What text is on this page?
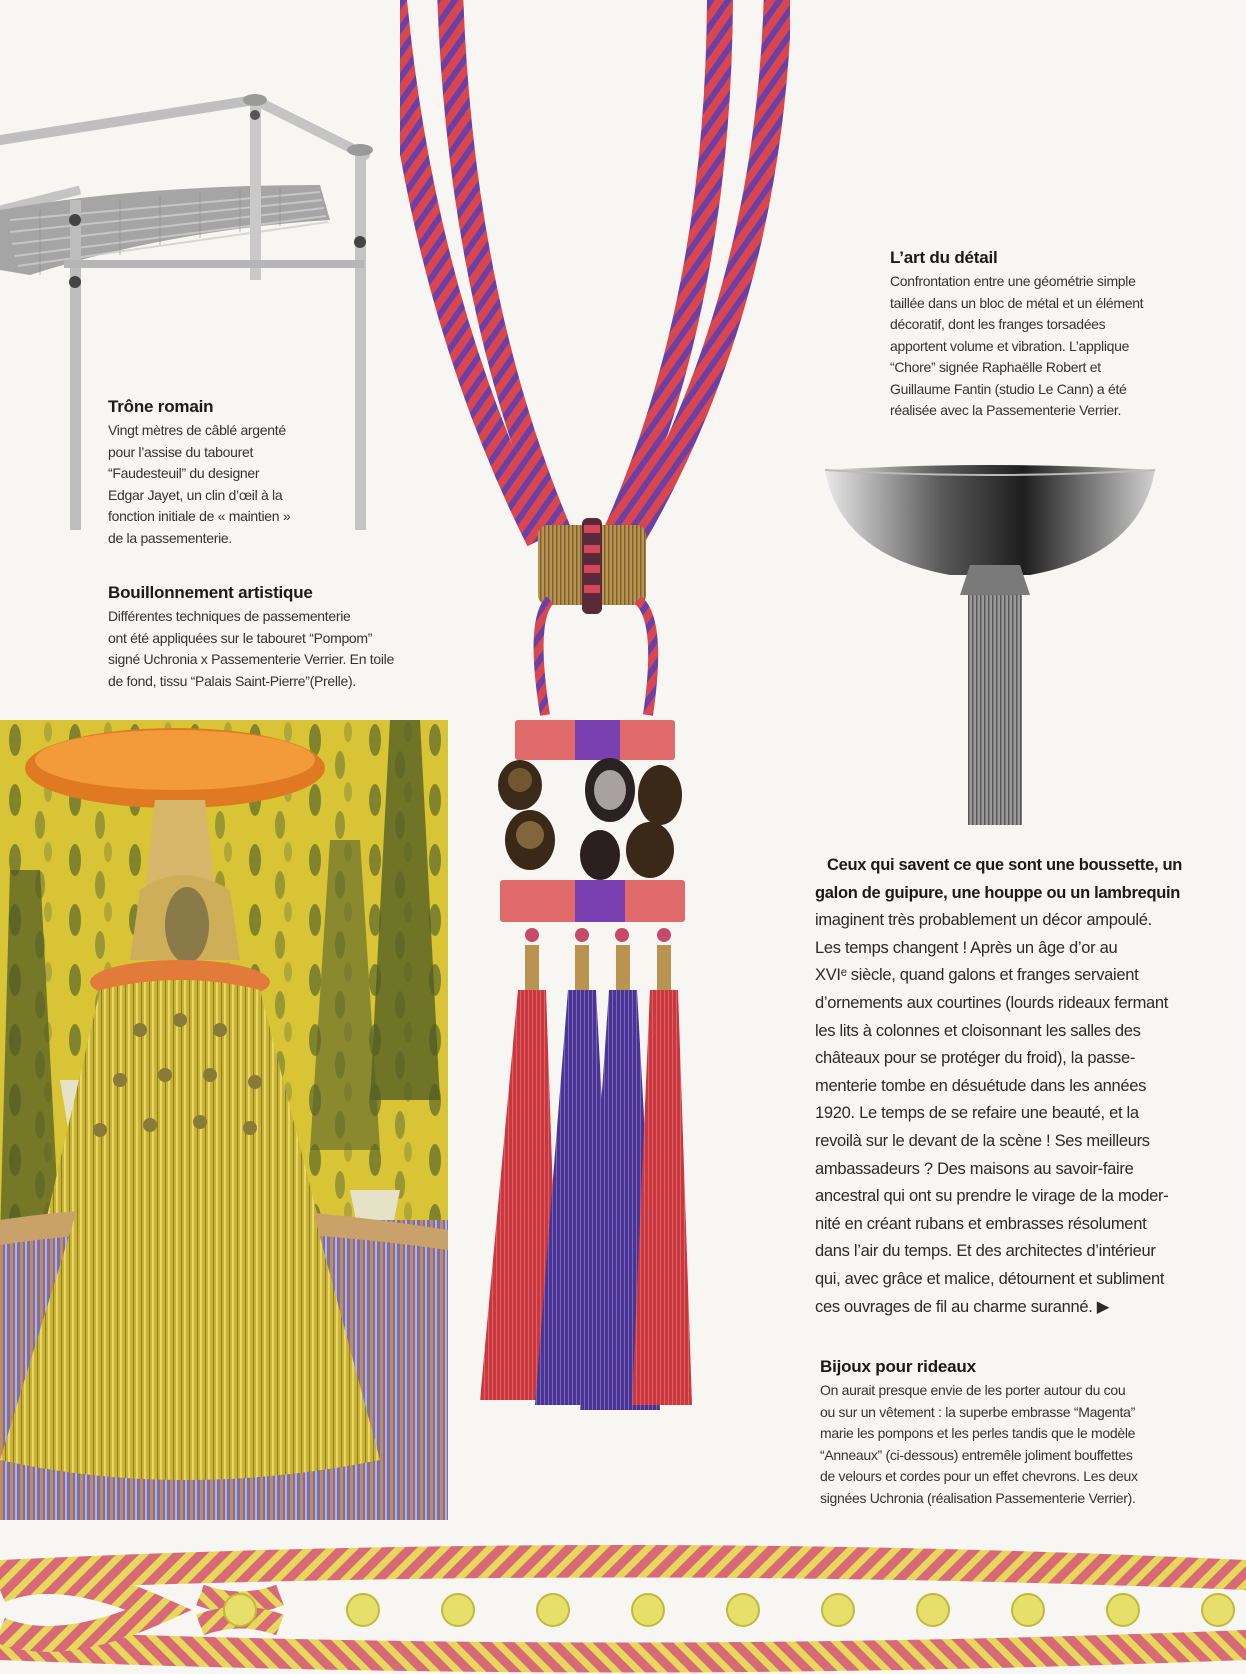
Trône romain

Vingt mètres de câblé argenté
pour l’assise du tabouret
“Faudesteuil” du designer
Edgar Jayet, un clin d’œil à la
fonction initiale de « maintien »
de la passementerie.

Bouillonnement artistique

Différentes techniques de passementerie
ont été appliquées sur le tabouret “Pompom”
signé Uchronia x Passementerie Verrier. En toile
de fond, tissu “Palais Saint-Pierre”(Prelle).

L’art du détail

Confrontation entre une géométrie simple
taillée dans un bloc de métal et un élément
décoratif, dont les franges torsadées
apportent volume et vibration. L’applique
“Chore” signée Raphaëlle Robert et
Guillaume Fantin (studio Le Cann) a été
réalisée avec la Passementerie Verrier.

Ceux qui savent ce que sont une boussette, un
galon de guipure, une houppe ou un lambrequin
imaginent très probablement un décor ampoulé.
Les temps changent ! Après un âge d’or au
XVIᵉ siècle, quand galons et franges servaient
d’ornements aux courtines (lourds rideaux fermant
les lits à colonnes et cloisonnant les salles des
châteaux pour se protéger du froid), la passe-
menterie tombe en désuétude dans les années
1920. Le temps de se refaire une beauté, et la
revoilà sur le devant de la scène ! Ses meilleurs
ambassadeurs ? Des maisons au savoir-faire
ancestral qui ont su prendre le virage de la moder-
nité en créant rubans et embrasses résolument
dans l’air du temps. Et des architectes d’intérieur
qui, avec grâce et malice, détournent et subliment
ces ouvrages de fil au charme suranné. ▶

Bijoux pour rideaux

On aurait presque envie de les porter autour du cou
ou sur un vêtement : la superbe embrasse “Magenta”
marie les pompons et les perles tandis que le modèle
“Anneaux” (ci-dessous) entremêle joliment bouffettes
de velours et cordes pour un effet chevrons. Les deux
signées Uchronia (réalisation Passementerie Verrier).
